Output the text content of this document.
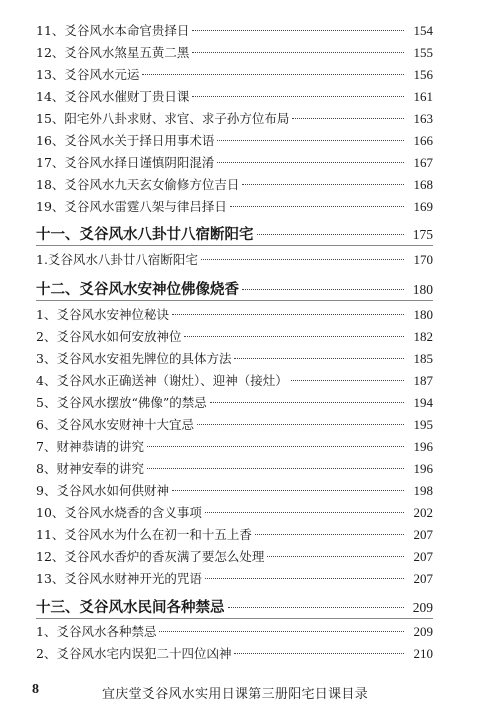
11、爻谷风水本命官贵择日	154
12、爻谷风水煞星五黄二黑	155
13、爻谷风水元运	156
14、爻谷风水催财丁贵日课	161
15、阳宅外八卦求财、求官、求子孙方位布局	163
16、爻谷风水关于择日用事术语	166
17、爻谷风水择日谨慎阴阳混淆	167
18、爻谷风水九天玄女偷修方位吉日	168
19、爻谷风水雷霆八架与律吕择日	169
十一、爻谷风水八卦廿八宿断阳宅	175
1.爻谷风水八卦廿八宿断阳宅	170
十二、爻谷风水安神位佛像烧香	180
1、爻谷风水安神位秘诀	180
2、爻谷风水如何安放神位	182
3、爻谷风水安祖先牌位的具体方法	185
4、爻谷风水正确送神（谢灶）、迎神（接灶）	187
5、爻谷风水摆放“佛像”的禁忌	194
6、爻谷风水安财神十大宜忌	195
7、财神恭请的讲究	196
8、财神安奉的讲究	196
9、爻谷风水如何供财神	198
10、爻谷风水烧香的含义事项	202
11、爻谷风水为什么在初一和十五上香	207
12、爻谷风水香炉的香灰满了要怎么处理	207
13、爻谷风水财神开光的咒语	207
十三、爻谷风水民间各种禁忌	209
1、爻谷风水各种禁忌	209
2、爻谷风水宅内误犯二十四位凶神	210
8	宜庆堂爻谷风水实用日课第三册阳宅日课目录
